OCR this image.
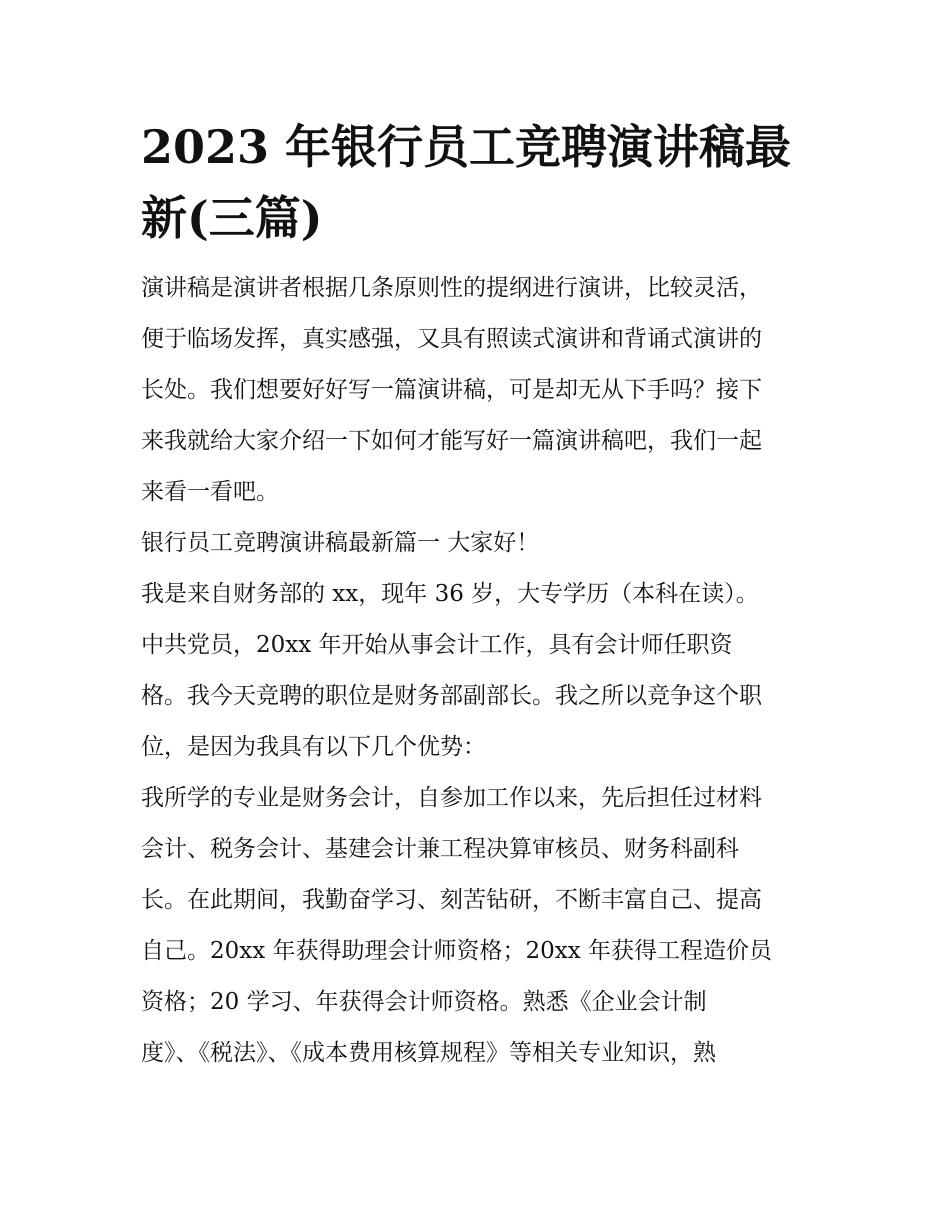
2023 年银行员工竞聘演讲稿最
新(三篇)

演讲稿是演讲者根据几条原则性的提纲进行演讲，比较灵活，

便于临场发挥，真实感强，又具有照读式演讲和背诵式演讲的

长处。我们想要好好写一篇演讲稿，可是却无从下手吗？接下

来我就给大家介绍一下如何才能写好一篇演讲稿吧，我们一起

来看一看吧。

银行员工竞聘演讲稿最新篇一 大家好！

我是来自财务部的 xx，现年 36 岁，大专学历（本科在读）。

中共党员，20xx 年开始从事会计工作，具有会计师任职资

格。我今天竞聘的职位是财务部副部长。我之所以竞争这个职

位，是因为我具有以下几个优势：

我所学的专业是财务会计，自参加工作以来，先后担任过材料

会计、税务会计、基建会计兼工程决算审核员、财务科副科

长。在此期间，我勤奋学习、刻苦钻研，不断丰富自己、提高

自己。20xx 年获得助理会计师资格；20xx 年获得工程造价员

资格；20 学习、年获得会计师资格。熟悉《企业会计制

度》、《税法》、《成本费用核算规程》等相关专业知识，熟
